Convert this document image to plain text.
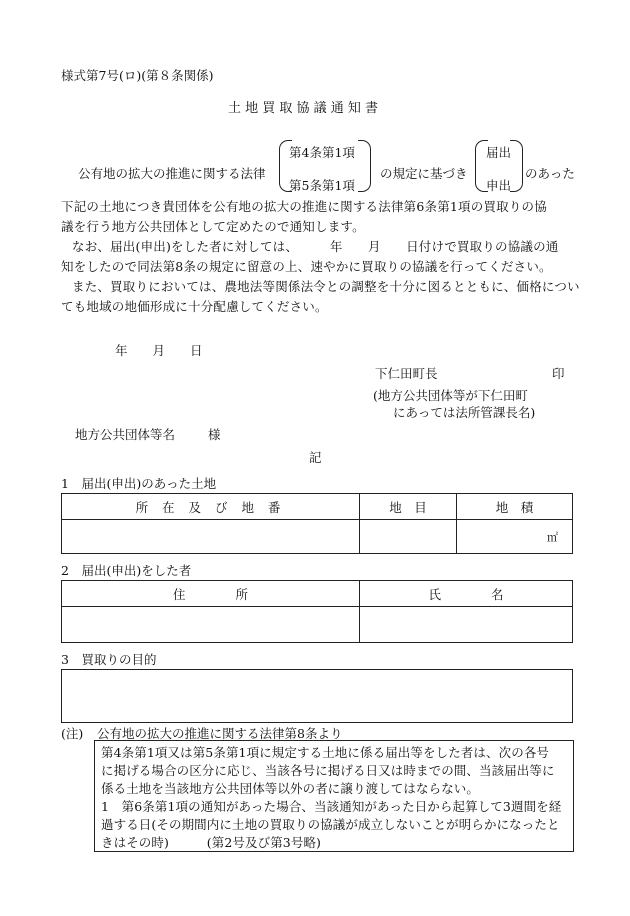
様式第7号(ロ)(第８条関係)
土 地 買 取 協 議 通 知 書
公有地の拡大の推進に関する法律
第4条第1項
第5条第1項
の規定に基づき
届出
申出
のあった
下記の土地につき貴団体を公有地の拡大の推進に関する法律第6条第1項の買取りの協
議を行う地方公共団体として定めたので通知します。
なお、届出(申出)をした者に対しては、　　　年　　月　　日付けで買取りの協議の通
知をしたので同法第8条の規定に留意の上、速やかに買取りの協議を行ってください。
また、買取りにおいては、農地法等関係法令との調整を十分に図るとともに、価格につい
ても地域の地価形成に十分配慮してください。
年　　月　　日
下仁田町長	印
(地方公共団体等が下仁田町
にあっては法所管課長名)
地方公共団体等名	様
記
1　届出(申出)のあった土地
所 在 及 び 地 番	地　目	地　積
		㎡
2　届出(申出)をした者
住　　　　所	氏　　　　名

3　買取りの目的
(注) 公有地の拡大の推進に関する法律第8条より
第4条第1項又は第5条第1項に規定する土地に係る届出等をした者は、次の各号
に掲げる場合の区分に応じ、当該各号に掲げる日又は時までの間、当該届出等に
係る土地を当該地方公共団体等以外の者に譲り渡してはならない。
1　第6条第1項の通知があった場合、当該通知があった日から起算して3週間を経
過する日(その期間内に土地の買取りの協議が成立しないことが明らかになったと
きはその時)　　　(第2号及び第3号略)
